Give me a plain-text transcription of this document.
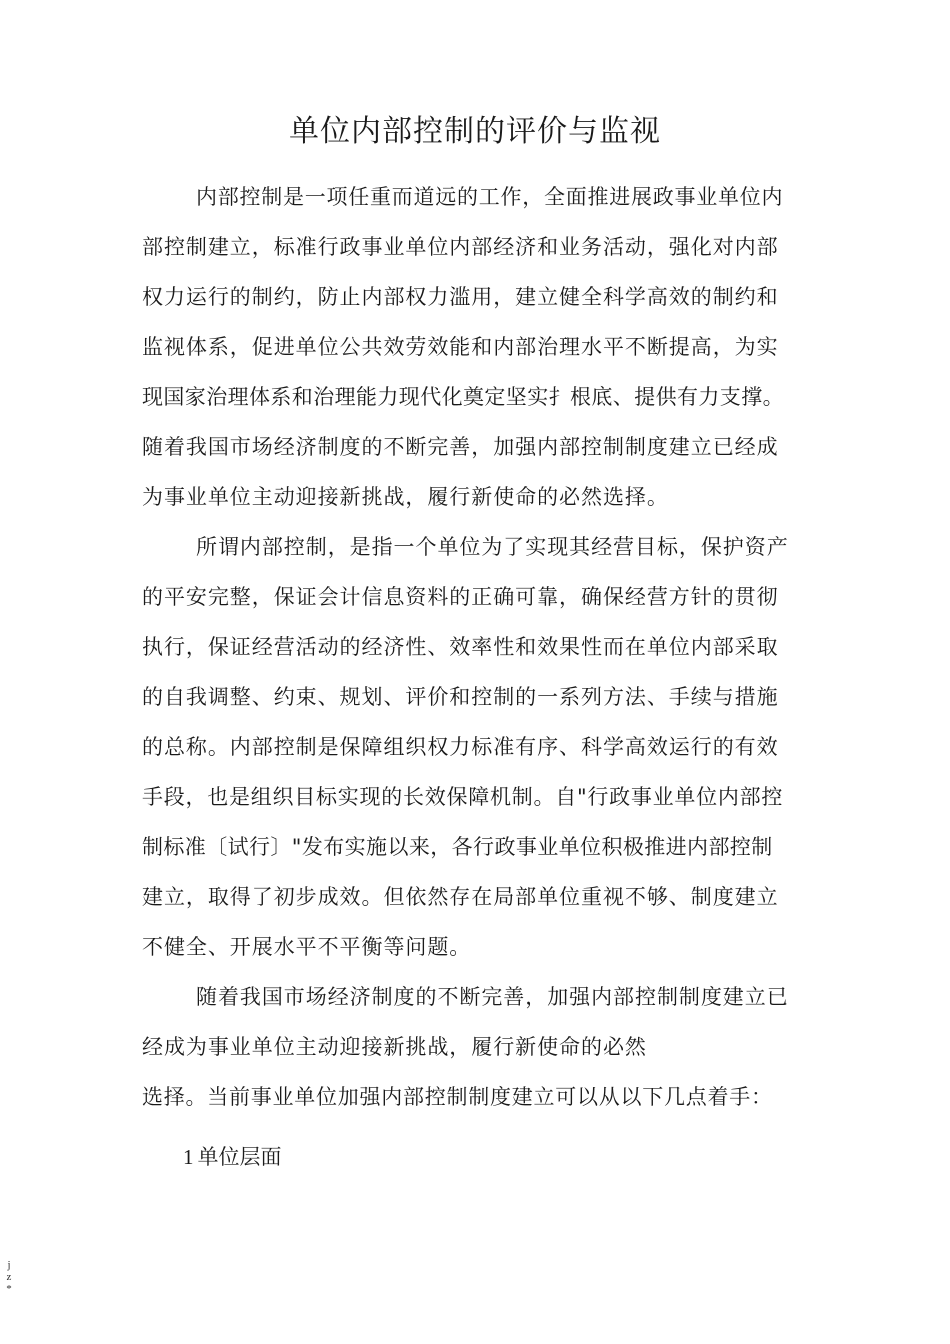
单位内部控制的评价与监视
内部控制是一项任重而道远的工作，全面推进展政事业单位内
部控制建立，标准行政事业单位内部经济和业务活动，强化对内部
权力运行的制约，防止内部权力滥用，建立健全科学高效的制约和
监视体系，促进单位公共效劳效能和内部治理水平不断提高，为实
现国家治理体系和治理能力现代化奠定坚实扌根底、提供有力支撑。
随着我国市场经济制度的不断完善，加强内部控制制度建立已经成
为事业单位主动迎接新挑战，履行新使命的必然选择。
所谓内部控制，是指一个单位为了实现其经营目标，保护资产
的平安完整，保证会计信息资料的正确可靠，确保经营方针的贯彻
执行，保证经营活动的经济性、效率性和效果性而在单位内部采取
的自我调整、约束、规划、评价和控制的一系列方法、手续与措施
的总称。内部控制是保障组织权力标准有序、科学高效运行的有效
手段，也是组织目标实现的长效保障机制。自"行政事业单位内部控
制标准〔试行〕"发布实施以来，各行政事业单位积极推进内部控制
建立，取得了初步成效。但依然存在局部单位重视不够、制度建立
不健全、开展水平不平衡等问题。
随着我国市场经济制度的不断完善，加强内部控制制度建立已
经成为事业单位主动迎接新挑战，履行新使命的必然
选择。当前事业单位加强内部控制制度建立可以从以下几点着手：
1 单位层面
j
z
*
